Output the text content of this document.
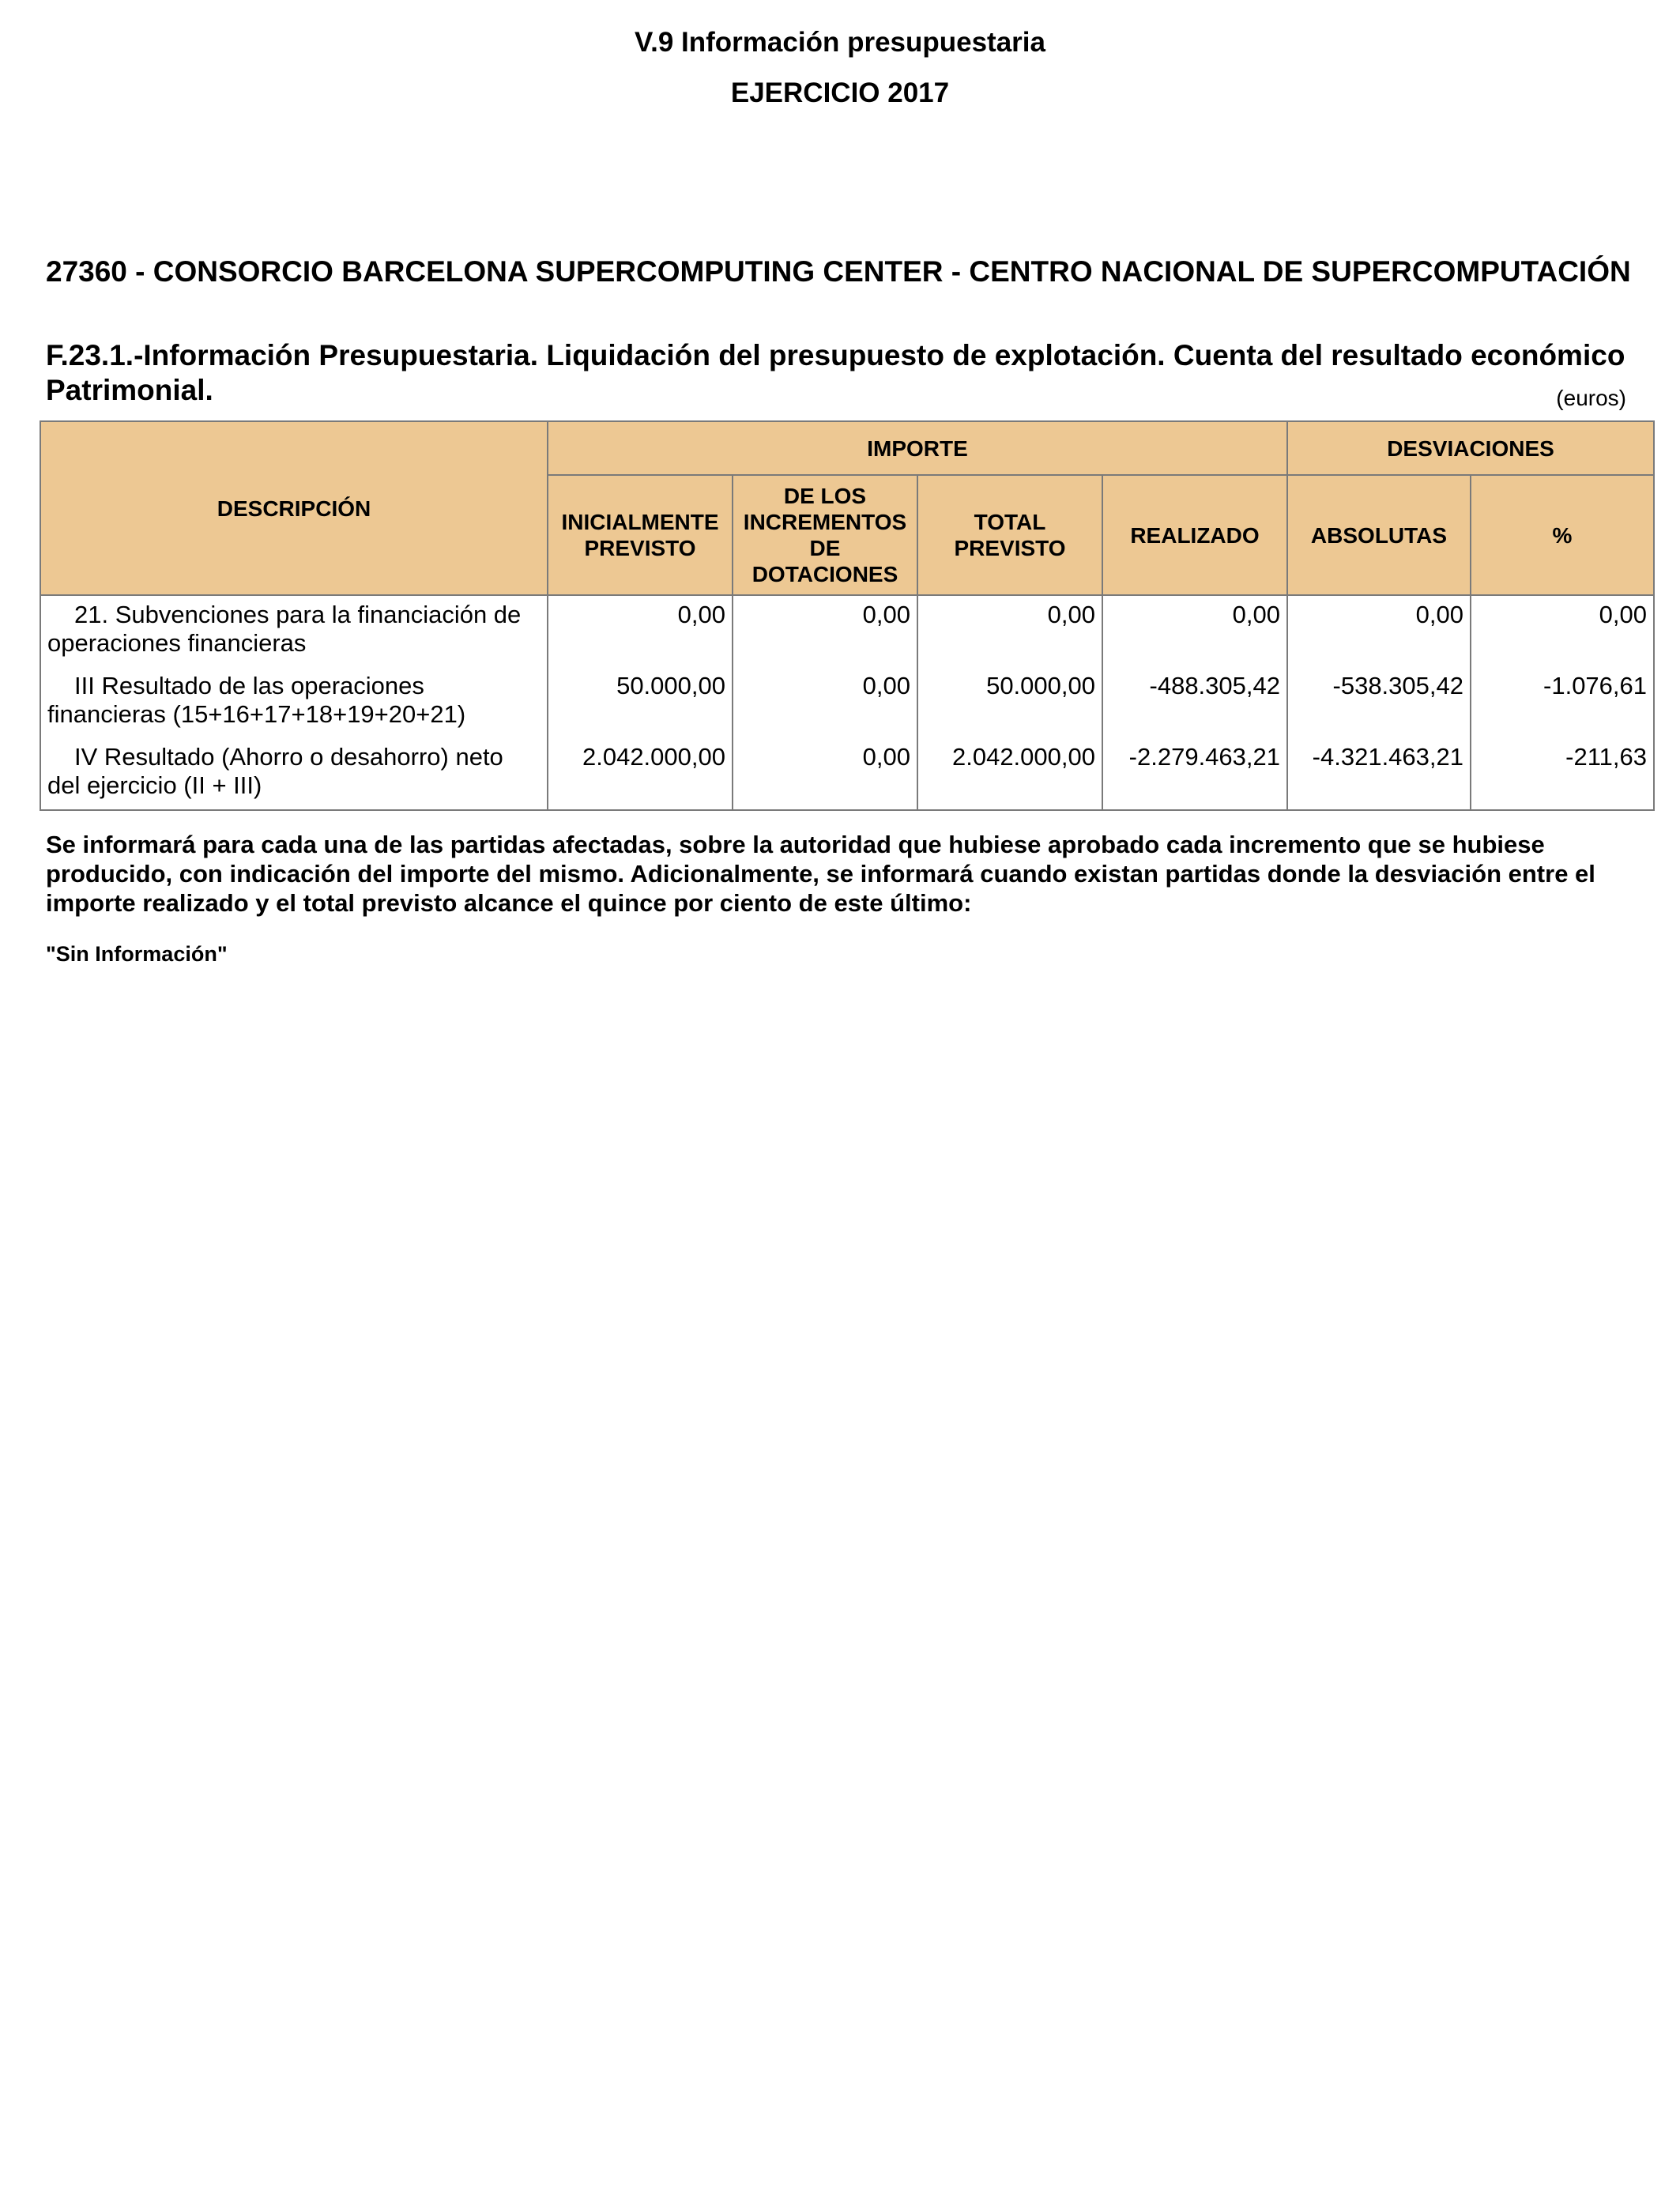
V.9 Información presupuestaria
EJERCICIO 2017
27360 - CONSORCIO BARCELONA SUPERCOMPUTING CENTER - CENTRO NACIONAL DE SUPERCOMPUTACIÓN
F.23.1.-Información Presupuestaria. Liquidación del presupuesto de explotación. Cuenta del resultado económico Patrimonial.	(euros)
DESCRIPCIÓN	IMPORTE				DESVIACIONES	
	INICIALMENTE PREVISTO	DE LOS INCREMENTOS DE DOTACIONES	TOTAL PREVISTO	REALIZADO	ABSOLUTAS	%
21. Subvenciones para la financiación de operaciones financieras	0,00	0,00	0,00	0,00	0,00	0,00
III Resultado de las operaciones financieras (15+16+17+18+19+20+21)	50.000,00	0,00	50.000,00	-488.305,42	-538.305,42	-1.076,61
IV Resultado (Ahorro o desahorro) neto del ejercicio (II + III)	2.042.000,00	0,00	2.042.000,00	-2.279.463,21	-4.321.463,21	-211,63
Se informará para cada una de las partidas afectadas, sobre la autoridad que hubiese aprobado cada incremento que se hubiese producido, con indicación del importe del mismo. Adicionalmente, se informará cuando existan partidas donde la desviación entre el importe realizado y el total previsto alcance el quince por ciento de este último:
"Sin Información"
